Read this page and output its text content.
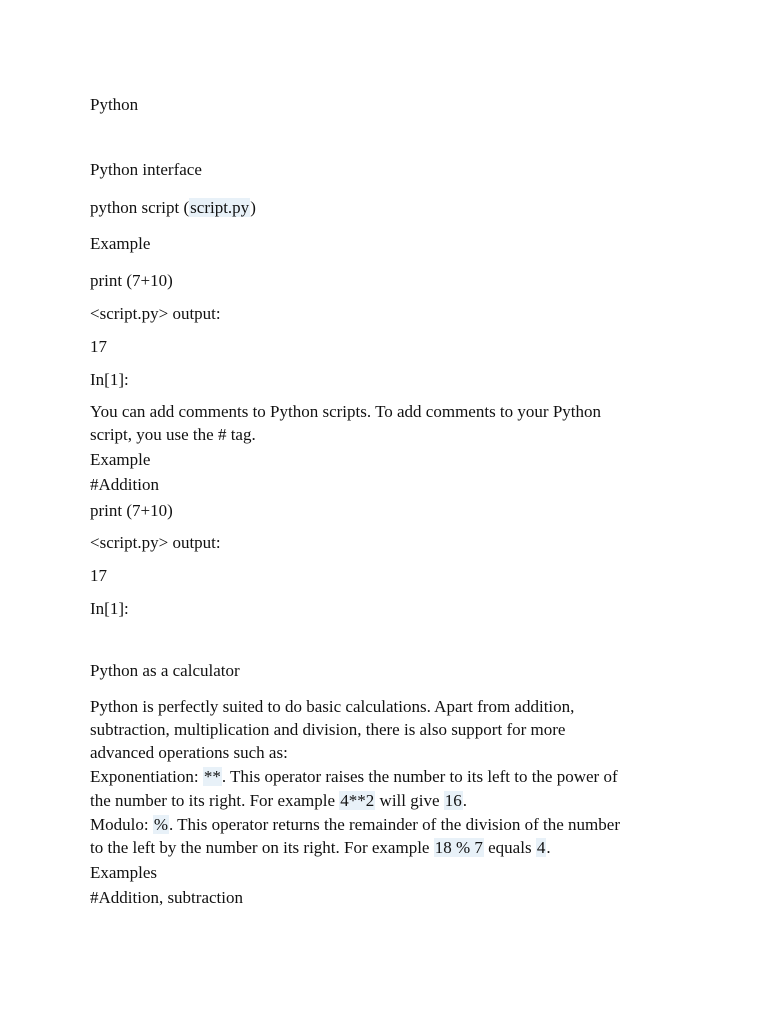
Python
Python interface
python script (script.py)
Example
print (7+10)
<script.py> output:
17
In[1]:
You can add comments to Python scripts. To add comments to your Python
script, you use the # tag.
Example
#Addition
print (7+10)
<script.py> output:
17
In[1]:
Python as a calculator
Python is perfectly suited to do basic calculations. Apart from addition,
subtraction, multiplication and division, there is also support for more
advanced operations such as:
Exponentiation: **. This operator raises the number to its left to the power of
the number to its right. For example 4**2 will give 16.
Modulo: %. This operator returns the remainder of the division of the number
to the left by the number on its right. For example 18 % 7 equals 4.
Examples
#Addition, subtraction
